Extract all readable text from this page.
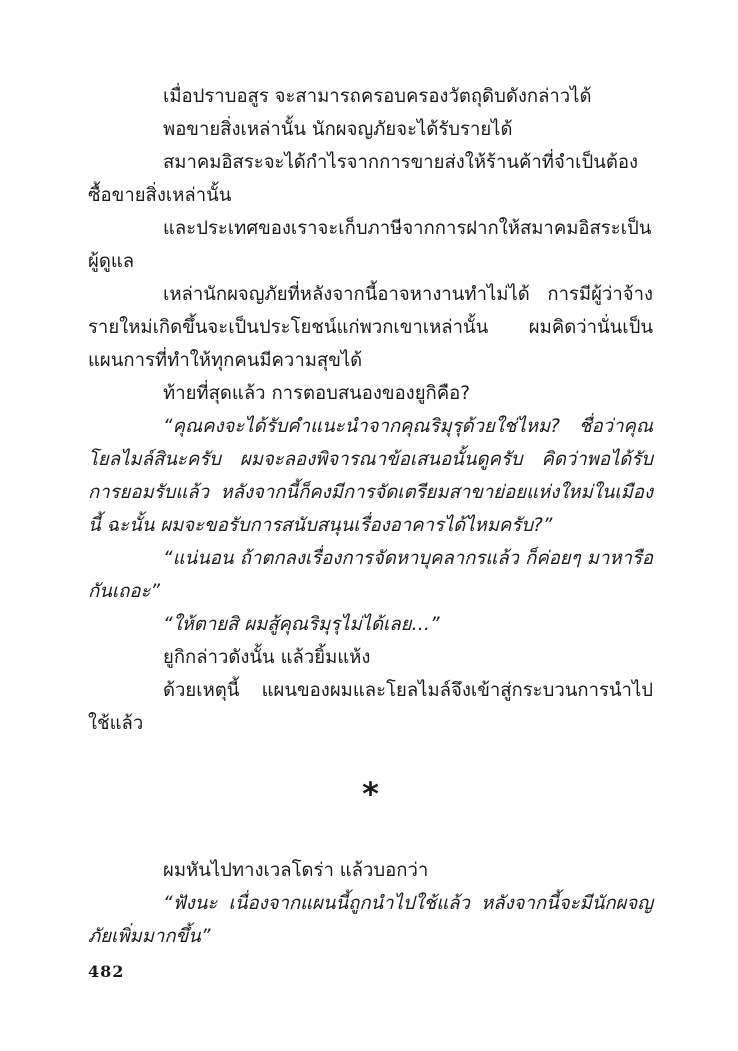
เมื่อปราบอสูร จะสามารถครอบครองวัตถุดิบดังกล่าวได้

พอขายสิ่งเหล่านั้น นักผจญภัยจะได้รับรายได้

สมาคมอิสระจะได้กำไรจากการขายส่งให้ร้านค้าที่จำเป็นต้องซื้อขายสิ่งเหล่านั้น

และประเทศของเราจะเก็บภาษีจากการฝากให้สมาคมอิสระเป็นผู้ดูแล

เหล่านักผจญภัยที่หลังจากนี้อาจหางานทำไม่ได้ การมีผู้ว่าจ้างรายใหม่เกิดขึ้นจะเป็นประโยชน์แก่พวกเขาเหล่านั้น ผมคิดว่านั่นเป็นแผนการที่ทำให้ทุกคนมีความสุขได้

ท้ายที่สุดแล้ว การตอบสนองของยูกิคือ?

“คุณคงจะได้รับคำแนะนำจากคุณริมุรุด้วยใช่ไหม? ชื่อว่าคุณโยลไมล์สินะครับ ผมจะลองพิจารณาข้อเสนอนั้นดูครับ คิดว่าพอได้รับการยอมรับแล้ว หลังจากนี้ก็คงมีการจัดเตรียมสาขาย่อยแห่งใหม่ในเมืองนี้ ฉะนั้น ผมจะขอรับการสนับสนุนเรื่องอาคารได้ไหมครับ?”

“แน่นอน ถ้าตกลงเรื่องการจัดหาบุคลากรแล้ว ก็ค่อยๆ มาหารือกันเถอะ”

“ให้ตายสิ ผมสู้คุณริมุรุไม่ได้เลย…”

ยูกิกล่าวดังนั้น แล้วยิ้มแห้ง

ด้วยเหตุนี้ แผนของผมและโยลไมล์จึงเข้าสู่กระบวนการนำไปใช้แล้ว

*

ผมหันไปทางเวลโดร่า แล้วบอกว่า

“ฟังนะ เนื่องจากแผนนี้ถูกนำไปใช้แล้ว หลังจากนี้จะมีนักผจญภัยเพิ่มมากขึ้น”

482
